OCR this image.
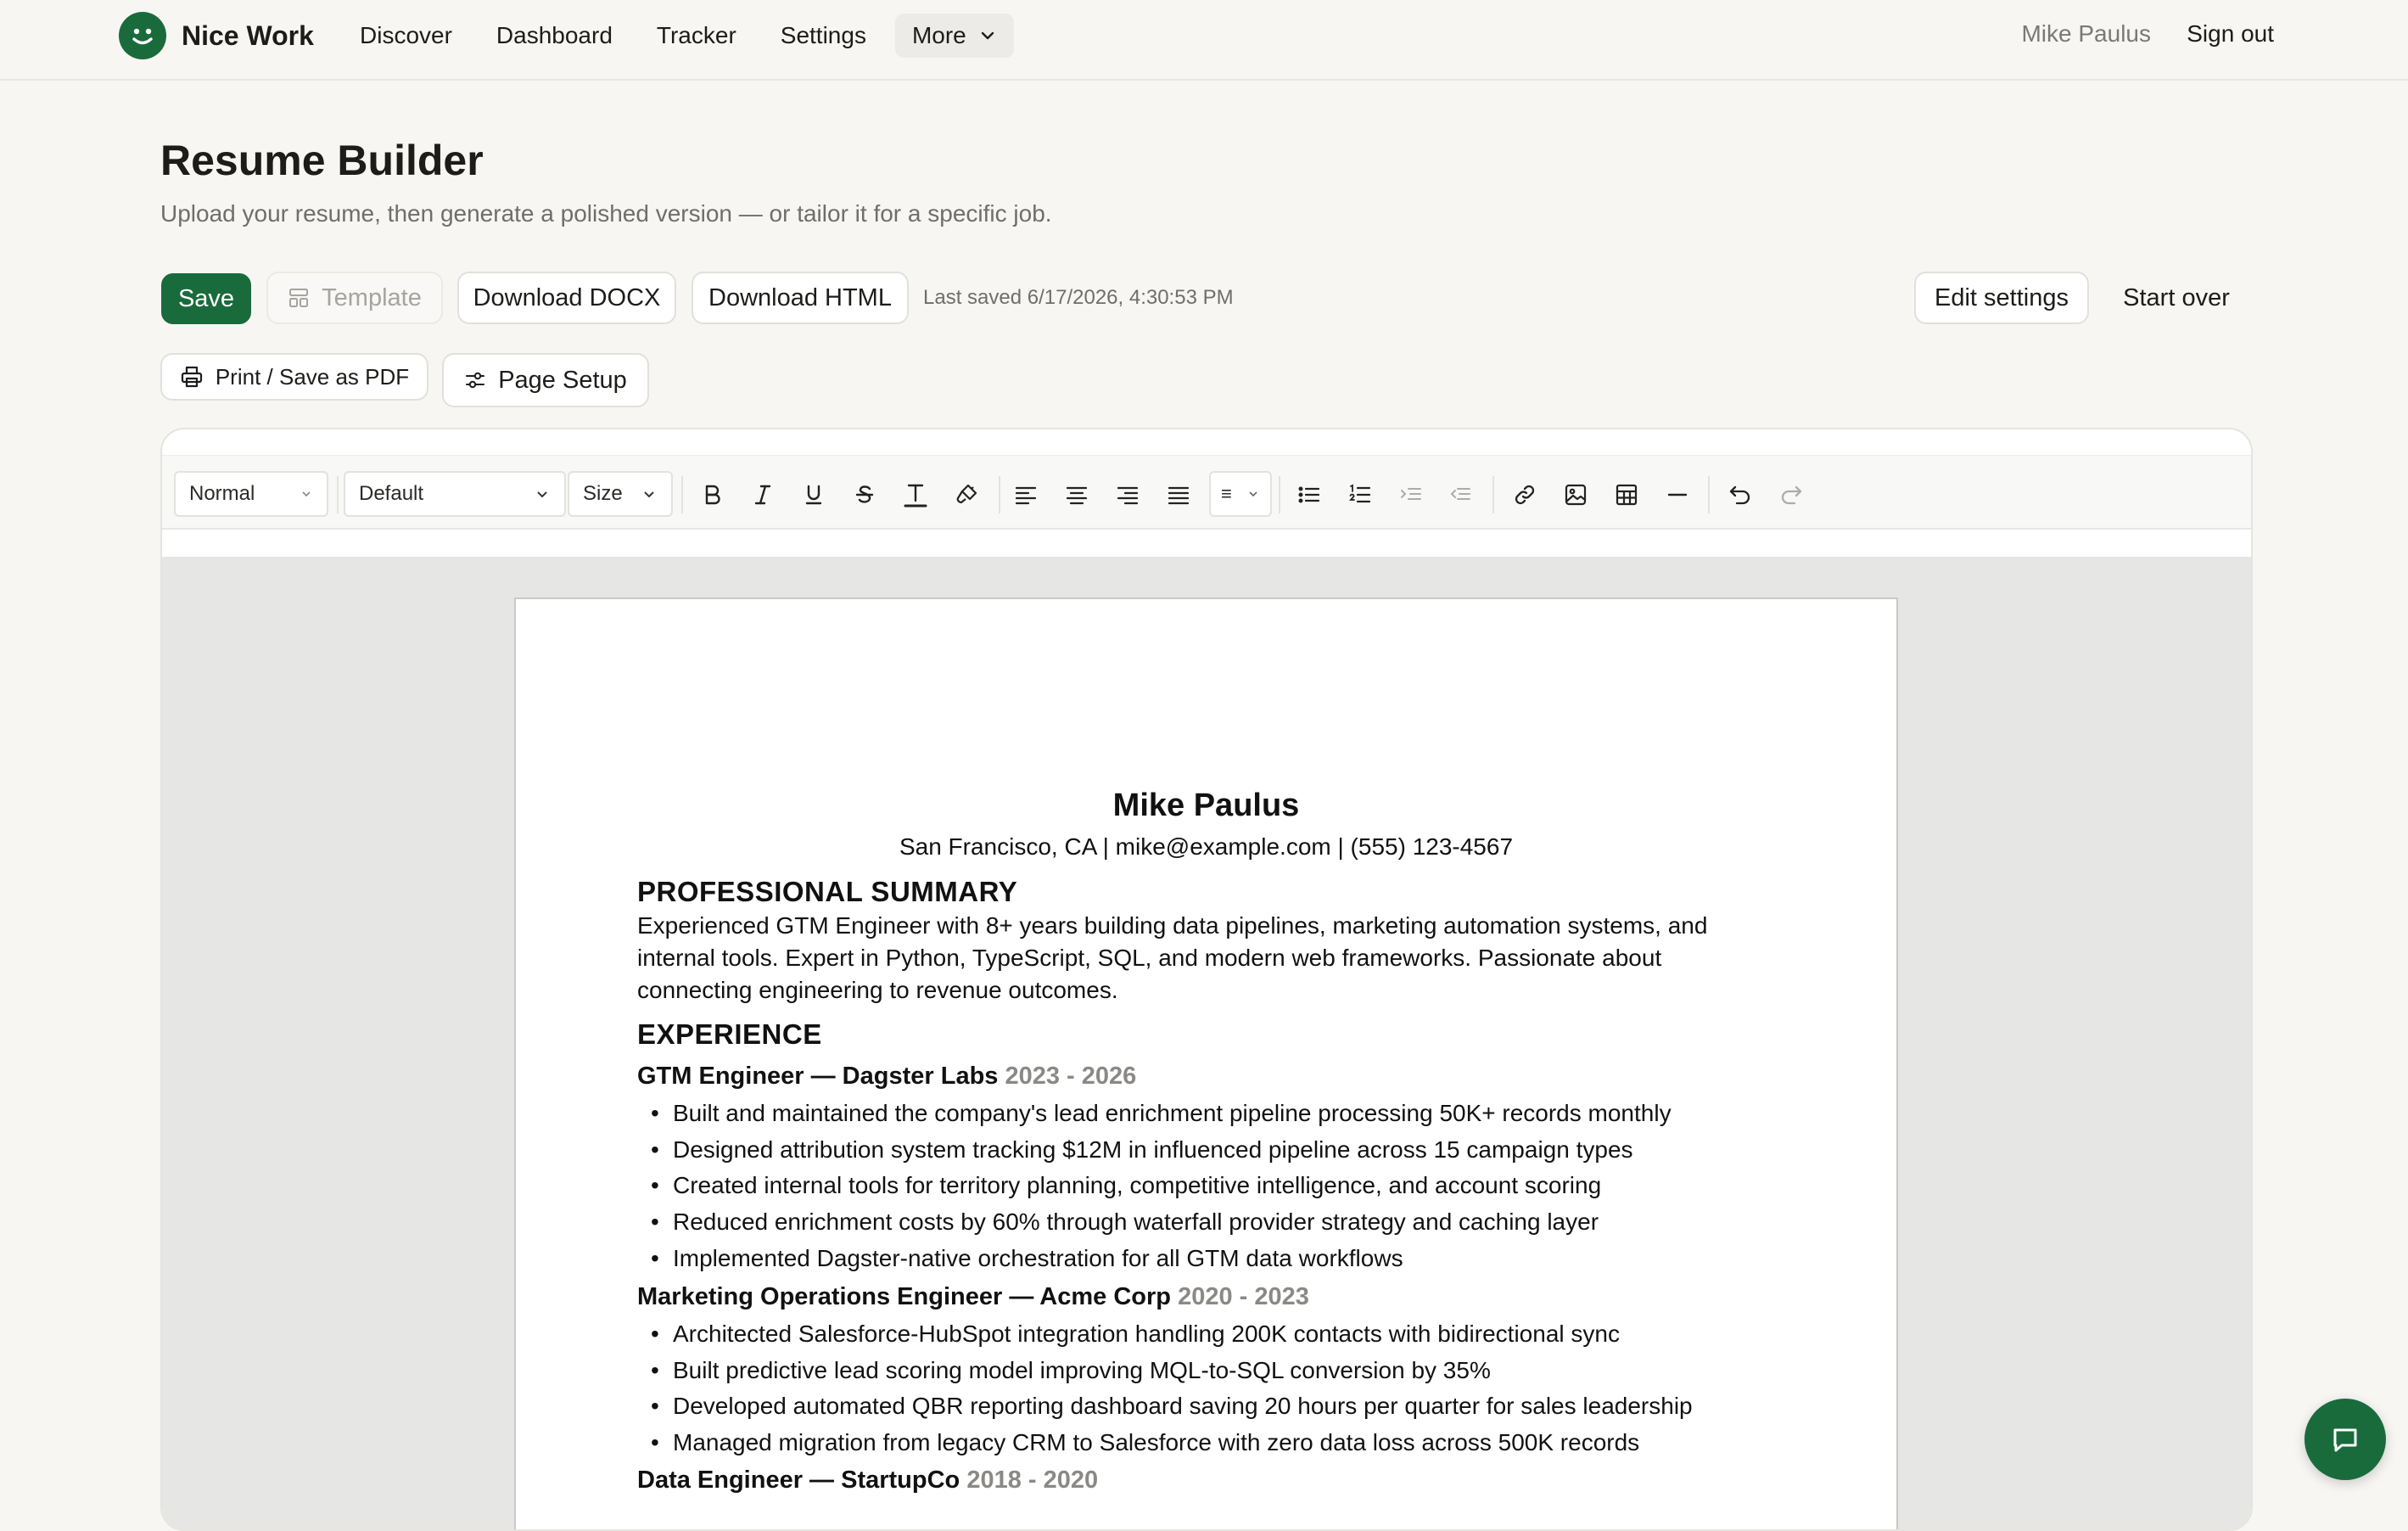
Nice Work Discover Dashboard Tracker Settings More	Mike Paulus Sign out
Resume Builder

Upload your resume, then generate a polished version — or tailor it for a specific job.

Save	Template Download DOCX Download HTML Last saved 6/17/2026, 4:30:53 PM	Edit settings Start over
Print / Save as PDF	Page Setup
Normal	Default	Size	≡
Mike Paulus
San Francisco, CA | mike@example.com | (555) 123-4567
PROFESSIONAL SUMMARY
Experienced GTM Engineer with 8+ years building data pipelines, marketing automation systems, and internal tools. Expert in Python, TypeScript, SQL, and modern web frameworks. Passionate about connecting engineering to revenue outcomes.
EXPERIENCE
GTM Engineer — Dagster Labs 2023 - 2026
• Built and maintained the company's lead enrichment pipeline processing 50K+ records monthly
• Designed attribution system tracking $12M in influenced pipeline across 15 campaign types
• Created internal tools for territory planning, competitive intelligence, and account scoring
• Reduced enrichment costs by 60% through waterfall provider strategy and caching layer
• Implemented Dagster-native orchestration for all GTM data workflows
Marketing Operations Engineer — Acme Corp 2020 - 2023
• Architected Salesforce-HubSpot integration handling 200K contacts with bidirectional sync
• Built predictive lead scoring model improving MQL-to-SQL conversion by 35%
• Developed automated QBR reporting dashboard saving 20 hours per quarter for sales leadership
• Managed migration from legacy CRM to Salesforce with zero data loss across 500K records
Data Engineer — StartupCo 2018 - 2020
